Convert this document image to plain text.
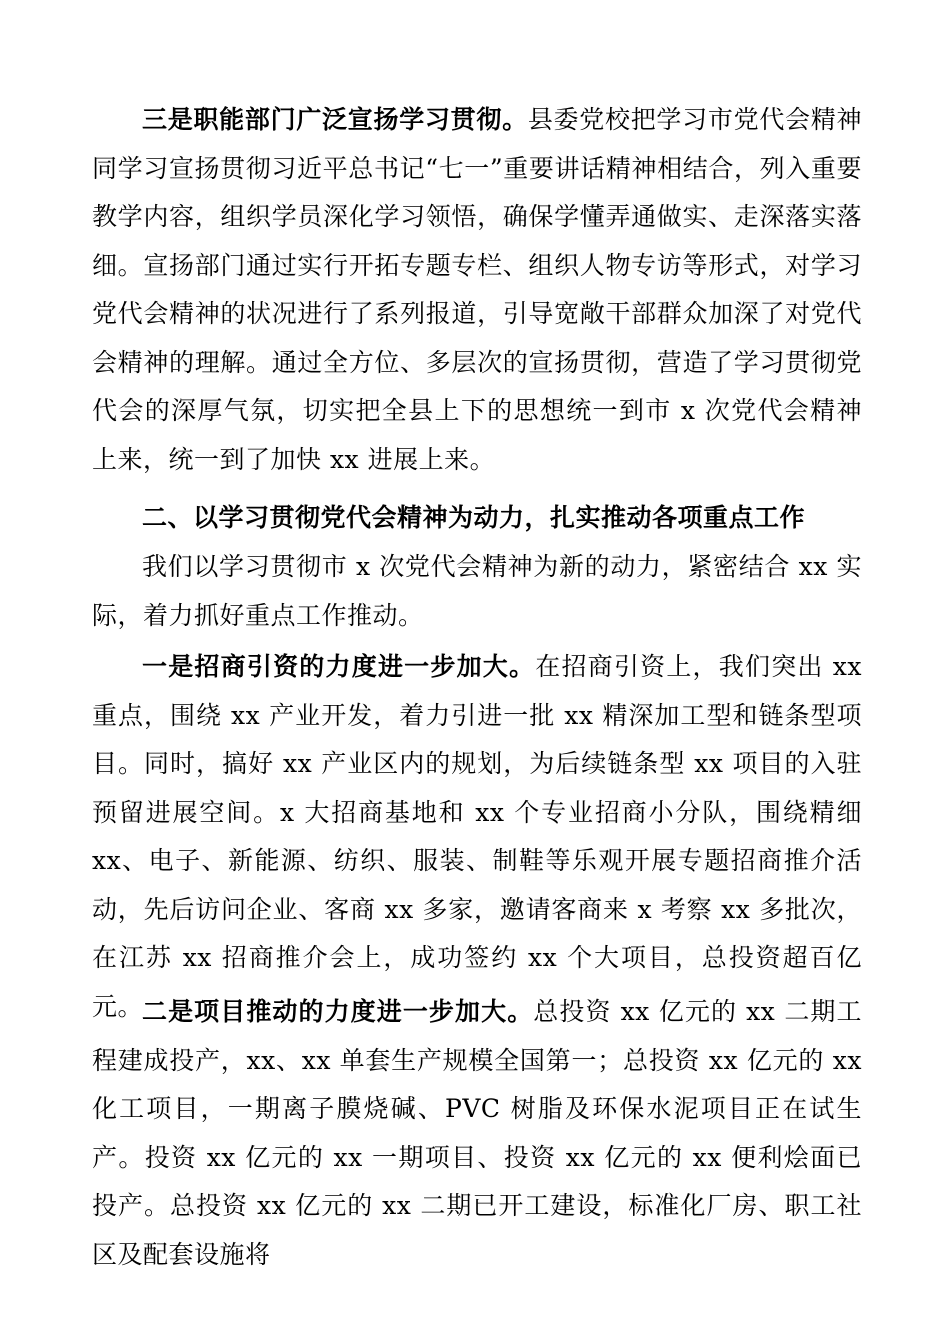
三是职能部门广泛宣扬学习贯彻。县委党校把学习市党代会精神同学习宣扬贯彻习近平总书记“七一”重要讲话精神相结合，列入重要教学内容，组织学员深化学习领悟，确保学懂弄通做实、走深落实落细。宣扬部门通过实行开拓专题专栏、组织人物专访等形式，对学习党代会精神的状况进行了系列报道，引导宽敞干部群众加深了对党代会精神的理解。通过全方位、多层次的宣扬贯彻，营造了学习贯彻党代会的深厚气氛，切实把全县上下的思想统一到市 x 次党代会精神上来，统一到了加快 xx 进展上来。

二、以学习贯彻党代会精神为动力，扎实推动各项重点工作

我们以学习贯彻市 x 次党代会精神为新的动力，紧密结合 xx 实际，着力抓好重点工作推动。

一是招商引资的力度进一步加大。在招商引资上，我们突出 xx 重点，围绕 xx 产业开发，着力引进一批 xx 精深加工型和链条型项目。同时，搞好 xx 产业区内的规划，为后续链条型 xx 项目的入驻预留进展空间。x 大招商基地和 xx 个专业招商小分队，围绕精细 xx、电子、新能源、纺织、服装、制鞋等乐观开展专题招商推介活动，先后访问企业、客商 xx 多家，邀请客商来 x 考察 xx 多批次，在江苏 xx 招商推介会上，成功签约 xx 个大项目，总投资超百亿元。

二是项目推动的力度进一步加大。总投资 xx 亿元的 xx 二期工程建成投产，xx、xx 单套生产规模全国第一；总投资 xx 亿元的 xx 化工项目，一期离子膜烧碱、PVC 树脂及环保水泥项目正在试生产。投资 xx 亿元的 xx 一期项目、投资 xx 亿元的 xx 便利烩面已投产。总投资 xx 亿元的 xx 二期已开工建设，标准化厂房、职工社区及配套设施将
